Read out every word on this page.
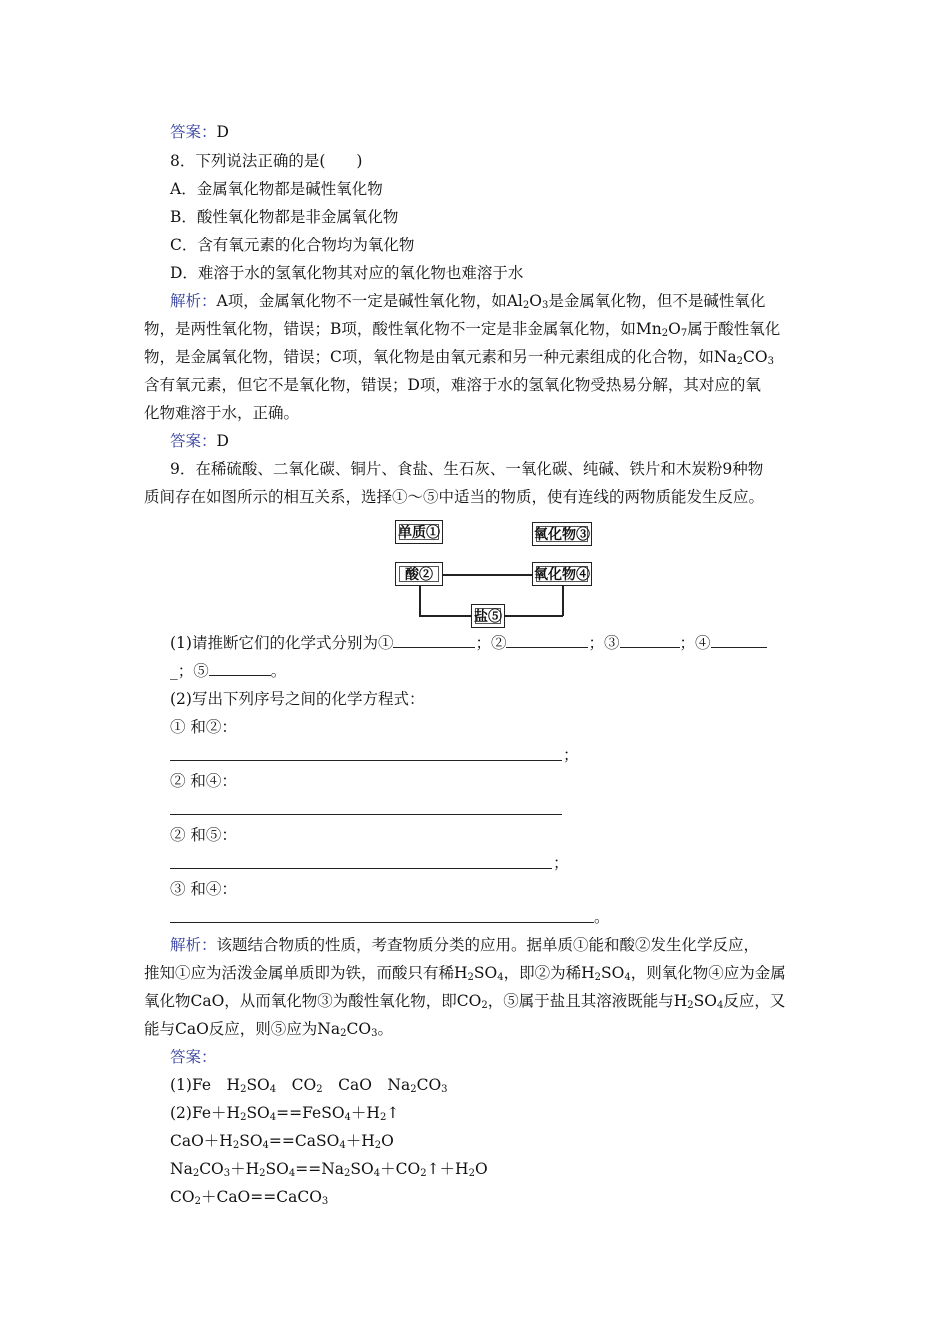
答案：D
8．下列说法正确的是(　　)
A．金属氧化物都是碱性氧化物
B．酸性氧化物都是非金属氧化物
C．含有氧元素的化合物均为氧化物
D．难溶于水的氢氧化物其对应的氧化物也难溶于水
解析：A项，金属氧化物不一定是碱性氧化物，如$Al_2O_3$是金属氧化物，但不是碱性氧化
物，是两性氧化物，错误；B项，酸性氧化物不一定是非金属氧化物，如$Mn_2O_7$属于酸性氧化
物，是金属氧化物，错误；C项，氧化物是由氧元素和另一种元素组成的化合物，如$Na_2CO_3$
含有氧元素，但它不是氧化物，错误；D项，难溶于水的氢氧化物受热易分解，其对应的氧
化物难溶于水，正确。
答案：D
9．在稀硫酸、二氧化碳、铜片、食盐、生石灰、一氧化碳、纯碱、铁片和木炭粉9种物
质间存在如图所示的相互关系，选择①～⑤中适当的物质，使有连线的两物质能发生反应。
单质①
酸②
氧化物③
氧化物④
盐⑤
(1)请推断它们的化学式分别为①	；②	；③	；④
_；⑤	。
(2)写出下列序号之间的化学方程式：
① 和②：
；
② 和④：
② 和⑤：
；
③ 和④：
。
解析：该题结合物质的性质，考查物质分类的应用。据单质①能和酸②发生化学反应，
推知①应为活泼金属单质即为铁，而酸只有稀$H_2SO_4$，即②为稀$H_2SO_4$，则氧化物④应为金属
氧化物CaO，从而氧化物③为酸性氧化物，即$CO_2$，⑤属于盐且其溶液既能与$H_2SO_4$反应，又
能与CaO反应，则⑤应为$Na_2CO_3$。
答案：
(1)Fe　$H_2SO_4$　$CO_2$　CaO　$Na_2CO_3$
$(2)Fe+H_2SO_4==FeSO_4+H_2↑$
$CaO+H_2SO_4==CaSO_4+H_2O$
$Na_2CO_3+H_2SO_4==Na_2SO_4+CO_2↑+H_2O$
$CO_2+CaO==CaCO_3$
